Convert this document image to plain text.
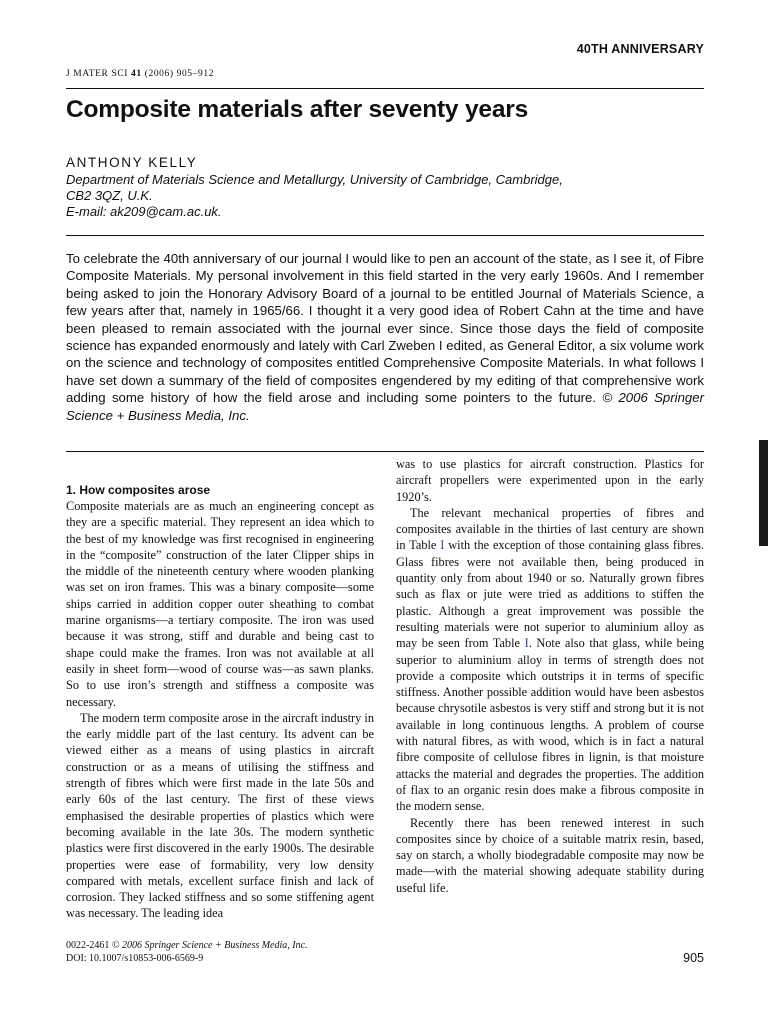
40TH ANNIVERSARY
J MATER SCI 41 (2006) 905–912
Composite materials after seventy years
ANTHONY KELLY
Department of Materials Science and Metallurgy, University of Cambridge, Cambridge,
CB2 3QZ, U.K.
E-mail: ak209@cam.ac.uk.

To celebrate the 40th anniversary of our journal I would like to pen an account of the state, as I see it, of Fibre Composite Materials. My personal involvement in this field started in the very early 1960s. And I remember being asked to join the Honorary Advisory Board of a journal to be entitled Journal of Materials Science, a few years after that, namely in 1965/66. I thought it a very good idea of Robert Cahn at the time and have been pleased to remain associated with the journal ever since. Since those days the field of composite science has expanded enormously and lately with Carl Zweben I edited, as General Editor, a six volume work on the science and technology of composites entitled Comprehensive Composite Materials. In what follows I have set down a summary of the field of composites engendered by my editing of that comprehensive work adding some history of how the field arose and including some pointers to the future. © 2006 Springer Science + Business Media, Inc.

1. How composites arose

Composite materials are as much an engineering concept as they are a specific material. They represent an idea which to the best of my knowledge was first recognised in engineering in the “composite” construction of the later Clipper ships in the middle of the nineteenth century where wooden planking was set on iron frames. This was a binary composite—some ships carried in addition copper outer sheathing to combat marine organisms—a tertiary composite. The iron was used because it was strong, stiff and durable and being cast to shape could make the frames. Iron was not available at all easily in sheet form—wood of course was—as sawn planks. So to use iron’s strength and stiffness a composite was necessary.

The modern term composite arose in the aircraft industry in the early middle part of the last century. Its advent can be viewed either as a means of using plastics in aircraft construction or as a means of utilising the stiffness and strength of fibres which were first made in the late 50s and early 60s of the last century. The first of these views emphasised the desirable properties of plastics which were becoming available in the late 30s. The modern synthetic plastics were first discovered in the early 1900s. The desirable properties were ease of formability, very low density compared with metals, excellent surface finish and lack of corrosion. They lacked stiffness and so some stiffening agent was necessary. The leading idea

was to use plastics for aircraft construction. Plastics for aircraft propellers were experimented upon in the early 1920’s.

The relevant mechanical properties of fibres and composites available in the thirties of last century are shown in Table I with the exception of those containing glass fibres. Glass fibres were not available then, being produced in quantity only from about 1940 or so. Naturally grown fibres such as flax or jute were tried as additions to stiffen the plastic. Although a great improvement was possible the resulting materials were not superior to aluminium alloy as may be seen from Table I. Note also that glass, while being superior to aluminium alloy in terms of strength does not provide a composite which outstrips it in terms of specific stiffness. Another possible addition would have been asbestos because chrysotile asbestos is very stiff and strong but it is not available in long continuous lengths. A problem of course with natural fibres, as with wood, which is in fact a natural fibre composite of cellulose fibres in lignin, is that moisture attacks the material and degrades the properties. The addition of flax to an organic resin does make a fibrous composite in the modern sense.

Recently there has been renewed interest in such composites since by choice of a suitable matrix resin, based, say on starch, a wholly biodegradable composite may now be made—with the material showing adequate stability during useful life.

0022-2461 © 2006 Springer Science + Business Media, Inc.
DOI: 10.1007/s10853-006-6569-9	905
